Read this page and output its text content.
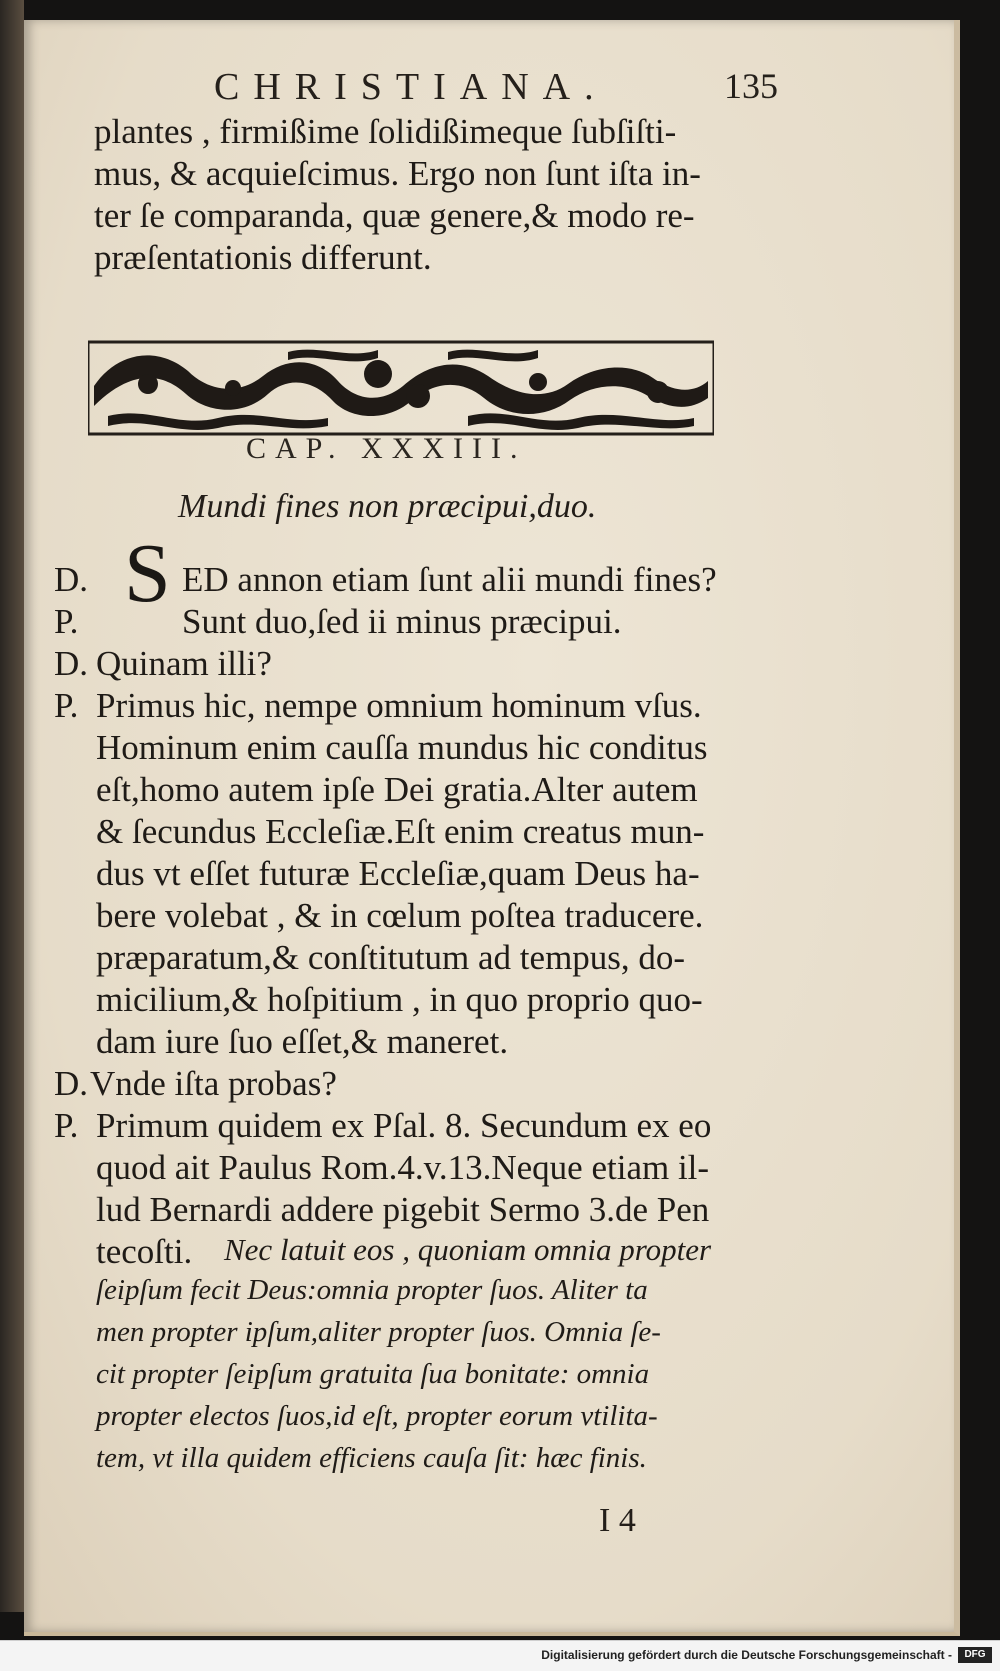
CHRISTIANA.	135
plantes , firmißime ſolidißimeque ſubſiſti-
mus, & acquieſcimus. Ergo non ſunt iſta in-
ter ſe comparanda, quæ genere,& modo re-
præſentationis differunt.
CAP. XXXIII.
Mundi fines non præcipui,duo.
S
D.	ED annon etiam ſunt alii mundi fines?
P.	Sunt duo,ſed ii minus præcipui.
D. Quinam illi?
P. Primus hic, nempe omnium hominum vſus.
Hominum enim cauſſa mundus hic conditus
eſt,homo autem ipſe Dei gratia.Alter autem
& ſecundus Eccleſiæ.Eſt enim creatus mun-
dus vt eſſet futuræ Eccleſiæ,quam Deus ha-
bere volebat , & in cœlum poſtea traducere.
præparatum,& conſtitutum ad tempus, do-
micilium,& hoſpitium , in quo proprio quo-
dam iure ſuo eſſet,& maneret.
D. Vnde iſta probas?
P. Primum quidem ex Pſal. 8. Secundum ex eo
quod ait Paulus Rom.4.v.13.Neque etiam il-
lud Bernardi addere pigebit Sermo 3.de Pen
tecoſti. Nec latuit eos , quoniam omnia propter
ſeipſum fecit Deus:omnia propter ſuos. Aliter ta
men propter ipſum,aliter propter ſuos. Omnia ſe-
cit propter ſeipſum gratuita ſua bonitate: omnia
propter electos ſuos,id eſt, propter eorum vtilita-
tem, vt illa quidem efficiens cauſa ſit: hæc finis.
I 4
Digitalisierung gefördert durch die Deutsche Forschungsgemeinschaft -	DFG
